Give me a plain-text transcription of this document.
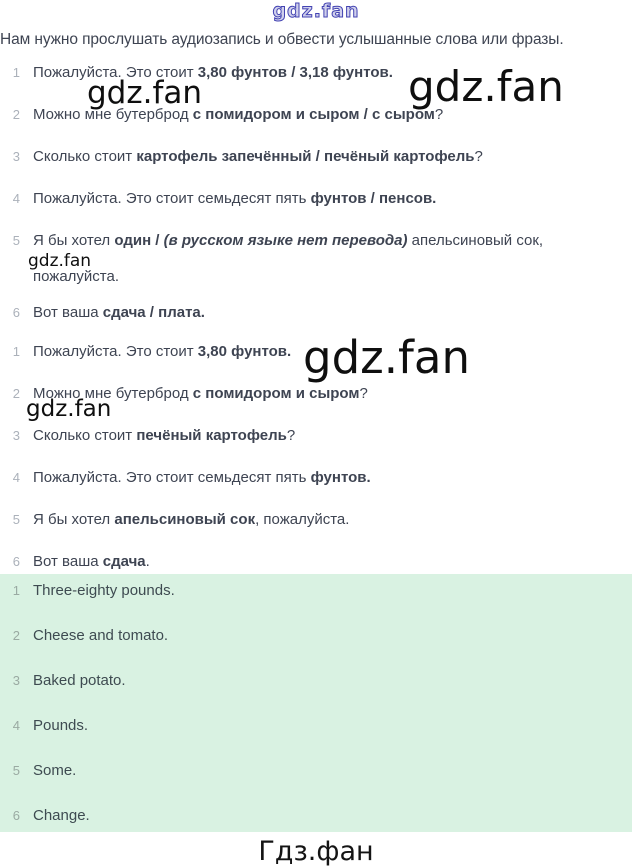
gdz.fan
Нам нужно прослушать аудиозапись и обвести услышанные слова или фразы.
gdz.fan	gdz.fan
gdz.fan
gdz.fan
gdz.fan
1 Пожалуйста. Это стоит 3,80 фунтов / 3,18 фунтов.
2 Можно мне бутерброд с помидором и сыром / с сыром?
3 Сколько стоит картофель запечённый / печёный картофель?
4 Пожалуйста. Это стоит семьдесят пять фунтов / пенсов.
5 Я бы хотел один / (в русском языке нет перевода) апельсиновый сок,
пожалуйста.
6 Вот ваша сдача / плата.
1 Пожалуйста. Это стоит 3,80 фунтов.
2 Можно мне бутерброд с помидором и сыром?
3 Сколько стоит печёный картофель?
4 Пожалуйста. Это стоит семьдесят пять фунтов.
5 Я бы хотел апельсиновый сок, пожалуйста.
6 Вот ваша сдача.
1 Three-eighty pounds.
2 Cheese and tomato.
3 Baked potato.
4 Pounds.
5 Some.
6 Change.
Гдз.фан
